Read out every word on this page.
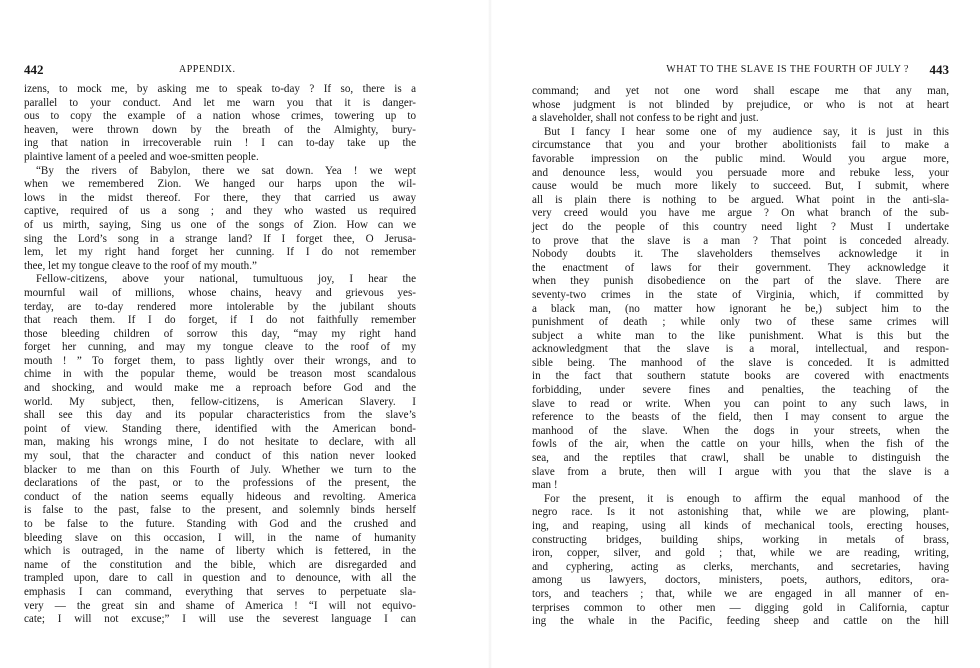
442	APPENDIX.
izens, to mock me, by asking me to speak to-day ? If so, there is a
parallel to your conduct. And let me warn you that it is danger-
ous to copy the example of a nation whose crimes, towering up to
heaven, were thrown down by the breath of the Almighty, bury-
ing that nation in irrecoverable ruin ! I can to-day take up the
plaintive lament of a peeled and woe-smitten people.
“By the rivers of Babylon, there we sat down. Yea ! we wept
when we remembered Zion. We hanged our harps upon the wil-
lows in the midst thereof. For there, they that carried us away
captive, required of us a song ; and they who wasted us required
of us mirth, saying, Sing us one of the songs of Zion. How can we
sing the Lord’s song in a strange land? If I forget thee, O Jerusa-
lem, let my right hand forget her cunning. If I do not remember
thee, let my tongue cleave to the roof of my mouth.”
Fellow-citizens, above your national, tumultuous joy, I hear the
mournful wail of millions, whose chains, heavy and grievous yes-
terday, are to-day rendered more intolerable by the jubilant shouts
that reach them. If I do forget, if I do not faithfully remember
those bleeding children of sorrow this day, “may my right hand
forget her cunning, and may my tongue cleave to the roof of my
mouth ! ” To forget them, to pass lightly over their wrongs, and to
chime in with the popular theme, would be treason most scandalous
and shocking, and would make me a reproach before God and the
world. My subject, then, fellow-citizens, is American Slavery. I
shall see this day and its popular characteristics from the slave’s
point of view. Standing there, identified with the American bond-
man, making his wrongs mine, I do not hesitate to declare, with all
my soul, that the character and conduct of this nation never looked
blacker to me than on this Fourth of July. Whether we turn to the
declarations of the past, or to the professions of the present, the
conduct of the nation seems equally hideous and revolting. America
is false to the past, false to the present, and solemnly binds herself
to be false to the future. Standing with God and the crushed and
bleeding slave on this occasion, I will, in the name of humanity
which is outraged, in the name of liberty which is fettered, in the
name of the constitution and the bible, which are disregarded and
trampled upon, dare to call in question and to denounce, with all the
emphasis I can command, everything that serves to perpetuate sla-
very — the great sin and shame of America ! “I will not equivo-
cate; I will not excuse;” I will use the severest language I can
WHAT TO THE SLAVE IS THE FOURTH OF JULY ? 443
command; and yet not one word shall escape me that any man,
whose judgment is not blinded by prejudice, or who is not at heart
a slaveholder, shall not confess to be right and just.
But I fancy I hear some one of my audience say, it is just in this
circumstance that you and your brother abolitionists fail to make a
favorable impression on the public mind. Would you argue more,
and denounce less, would you persuade more and rebuke less, your
cause would be much more likely to succeed. But, I submit, where
all is plain there is nothing to be argued. What point in the anti-sla-
very creed would you have me argue ? On what branch of the sub-
ject do the people of this country need light ? Must I undertake
to prove that the slave is a man ? That point is conceded already.
Nobody doubts it. The slaveholders themselves acknowledge it in
the enactment of laws for their government. They acknowledge it
when they punish disobedience on the part of the slave. There are
seventy-two crimes in the state of Virginia, which, if committed by
a black man, (no matter how ignorant he be,) subject him to the
punishment of death ; while only two of these same crimes will
subject a white man to the like punishment. What is this but the
acknowledgment that the slave is a moral, intellectual, and respon-
sible being. The manhood of the slave is conceded. It is admitted
in the fact that southern statute books are covered with enactments
forbidding, under severe fines and penalties, the teaching of the
slave to read or write. When you can point to any such laws, in
reference to the beasts of the field, then I may consent to argue the
manhood of the slave. When the dogs in your streets, when the
fowls of the air, when the cattle on your hills, when the fish of the
sea, and the reptiles that crawl, shall be unable to distinguish the
slave from a brute, then will I argue with you that the slave is a
man !
For the present, it is enough to affirm the equal manhood of the
negro race. Is it not astonishing that, while we are plowing, plant-
ing, and reaping, using all kinds of mechanical tools, erecting houses,
constructing bridges, building ships, working in metals of brass,
iron, copper, silver, and gold ; that, while we are reading, writing,
and cyphering, acting as clerks, merchants, and secretaries, having
among us lawyers, doctors, ministers, poets, authors, editors, ora-
tors, and teachers ; that, while we are engaged in all manner of en-
terprises common to other men — digging gold in California, captur
ing the whale in the Pacific, feeding sheep and cattle on the hill
